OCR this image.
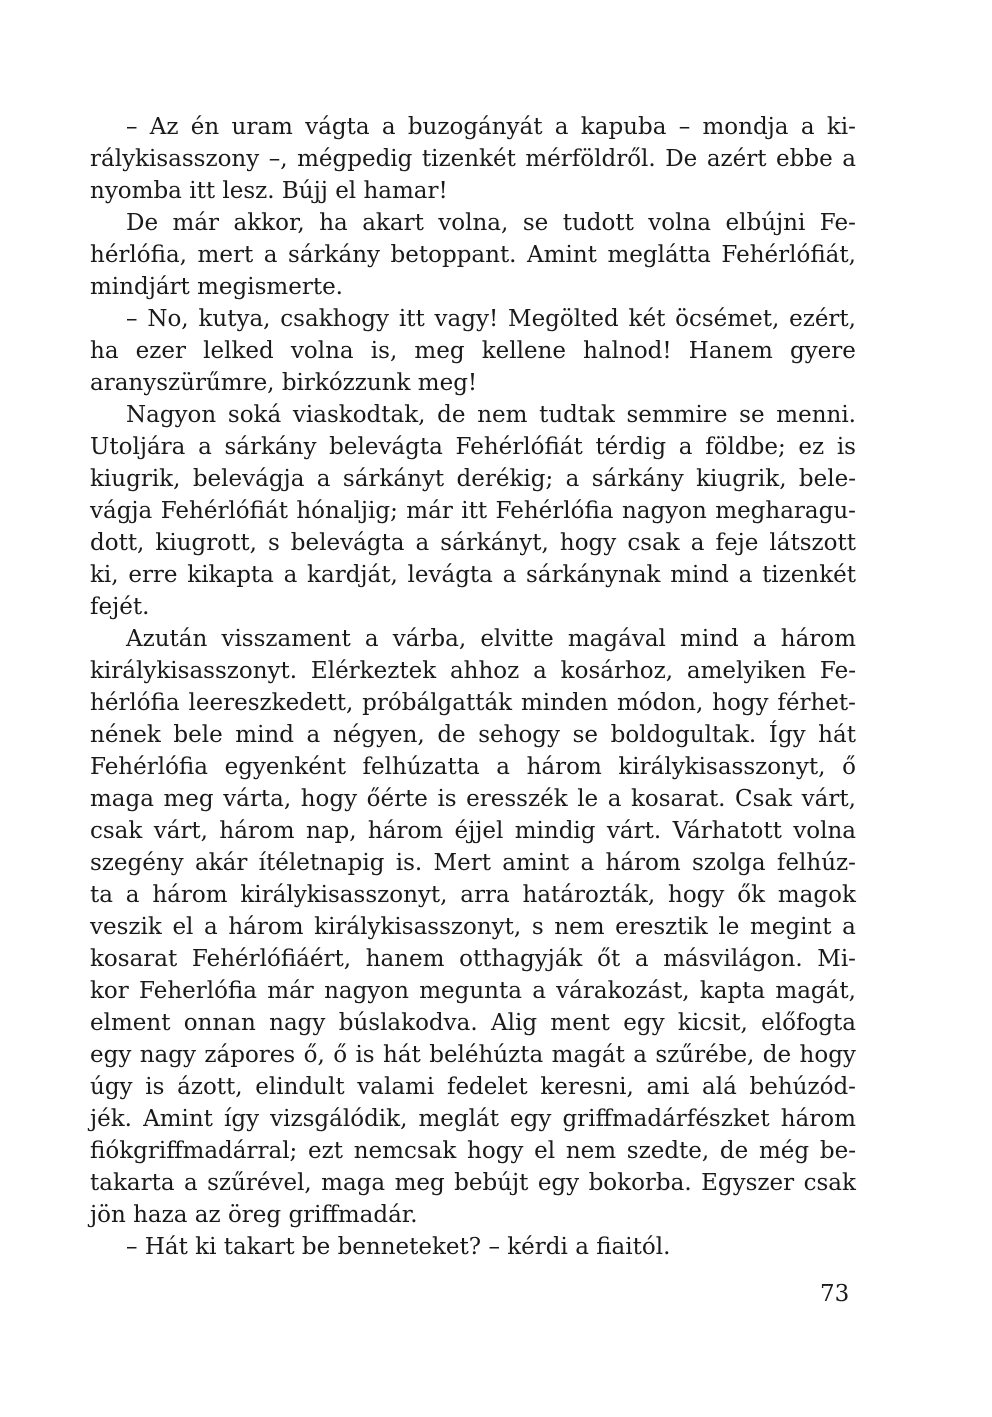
– Az én uram vágta a buzogányát a kapuba – mondja a ki-
rálykisasszony –, mégpedig tizenkét mérföldről. De azért ebbe a
nyomba itt lesz. Bújj el hamar!
De már akkor, ha akart volna, se tudott volna elbújni Fe-
hérlófia, mert a sárkány betoppant. Amint meglátta Fehérlófiát,
mindjárt megismerte.
– No, kutya, csakhogy itt vagy! Megölted két öcsémet, ezért,
ha ezer lelked volna is, meg kellene halnod! Hanem gyere
aranyszürűmre, birkózzunk meg!
Nagyon soká viaskodtak, de nem tudtak semmire se menni.
Utoljára a sárkány belevágta Fehérlófiát térdig a földbe; ez is
kiugrik, belevágja a sárkányt derékig; a sárkány kiugrik, bele-
vágja Fehérlófiát hónaljig; már itt Fehérlófia nagyon megharagu-
dott, kiugrott, s belevágta a sárkányt, hogy csak a feje látszott
ki, erre kikapta a kardját, levágta a sárkánynak mind a tizenkét
fejét.
Azután visszament a várba, elvitte magával mind a három
királykisasszonyt. Elérkeztek ahhoz a kosárhoz, amelyiken Fe-
hérlófia leereszkedett, próbálgatták minden módon, hogy férhet-
nének bele mind a négyen, de sehogy se boldogultak. Így hát
Fehérlófia egyenként felhúzatta a három királykisasszonyt, ő
maga meg várta, hogy őérte is eresszék le a kosarat. Csak várt,
csak várt, három nap, három éjjel mindig várt. Várhatott volna
szegény akár ítéletnapig is. Mert amint a három szolga felhúz-
ta a három királykisasszonyt, arra határozták, hogy ők magok
veszik el a három királykisasszonyt, s nem eresztik le megint a
kosarat Fehérlófiáért, hanem otthagyják őt a másvilágon. Mi-
kor Feherlófia már nagyon megunta a várakozást, kapta magát,
elment onnan nagy búslakodva. Alig ment egy kicsit, előfogta
egy nagy zápores ő, ő is hát beléhúzta magát a szűrébe, de hogy
úgy is ázott, elindult valami fedelet keresni, ami alá behúzód-
jék. Amint így vizsgálódik, meglát egy griffmadárfészket három
fiókgriffmadárral; ezt nemcsak hogy el nem szedte, de még be-
takarta a szűrével, maga meg bebújt egy bokorba. Egyszer csak
jön haza az öreg griffmadár.
– Hát ki takart be benneteket? – kérdi a fiaitól.
73
